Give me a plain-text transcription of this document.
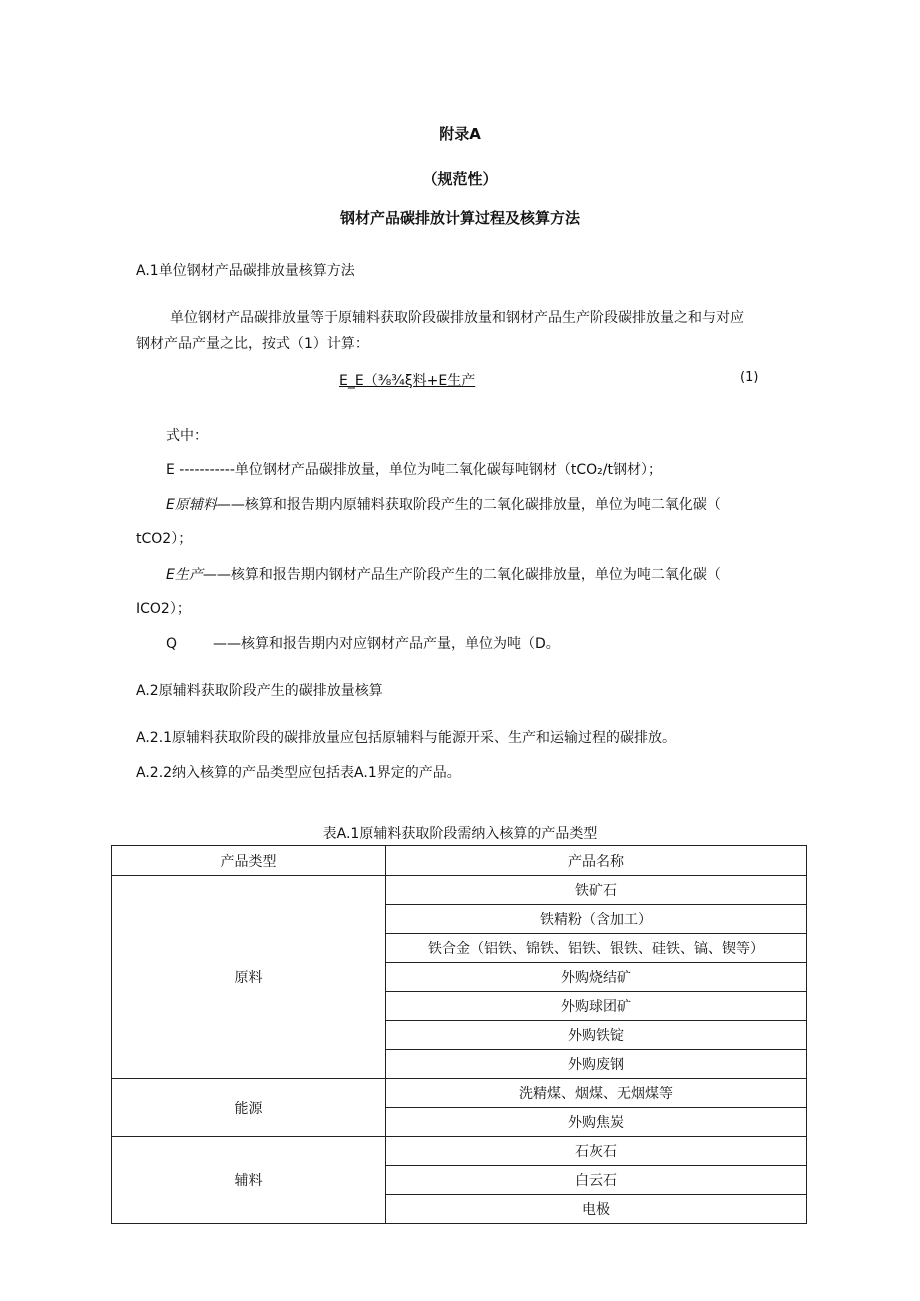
附录A
（规范性）
钢材产品碳排放计算过程及核算方法
A.1单位钢材产品碳排放量核算方法
单位钢材产品碳排放量等于原辅料获取阶段碳排放量和钢材产品生产阶段碳排放量之和与对应
钢材产品产量之比，按式（1）计算：
E_E（⅜¾ξ料+E生产	(1)
式中：
E -----------单位钢材产品碳排放量，单位为吨二氧化碳每吨钢材（tCO₂/t钢材）；
E原辅料——核算和报告期内原辅料获取阶段产生的二氧化碳排放量，单位为吨二氧化碳（
tCO2）；
E生产——核算和报告期内钢材产品生产阶段产生的二氧化碳排放量，单位为吨二氧化碳（
ICO2）；
Q	——核算和报告期内对应钢材产品产量，单位为吨（D。
A.2原辅料获取阶段产生的碳排放量核算
A.2.1原辅料获取阶段的碳排放量应包括原辅料与能源开采、生产和运输过程的碳排放。
A.2.2纳入核算的产品类型应包括表A.1界定的产品。
表A.1原辅料获取阶段需纳入核算的产品类型
产品类型	产品名称
原料	铁矿石
	铁精粉（含加工）
	铁合金（铝铁、锦铁、铝铁、银铁、硅铁、镐、锲等）
	外购烧结矿
	外购球团矿
	外购铁锭
	外购废钢
能源	洗精煤、烟煤、无烟煤等
	外购焦炭
辅料	石灰石
	白云石
	电极
